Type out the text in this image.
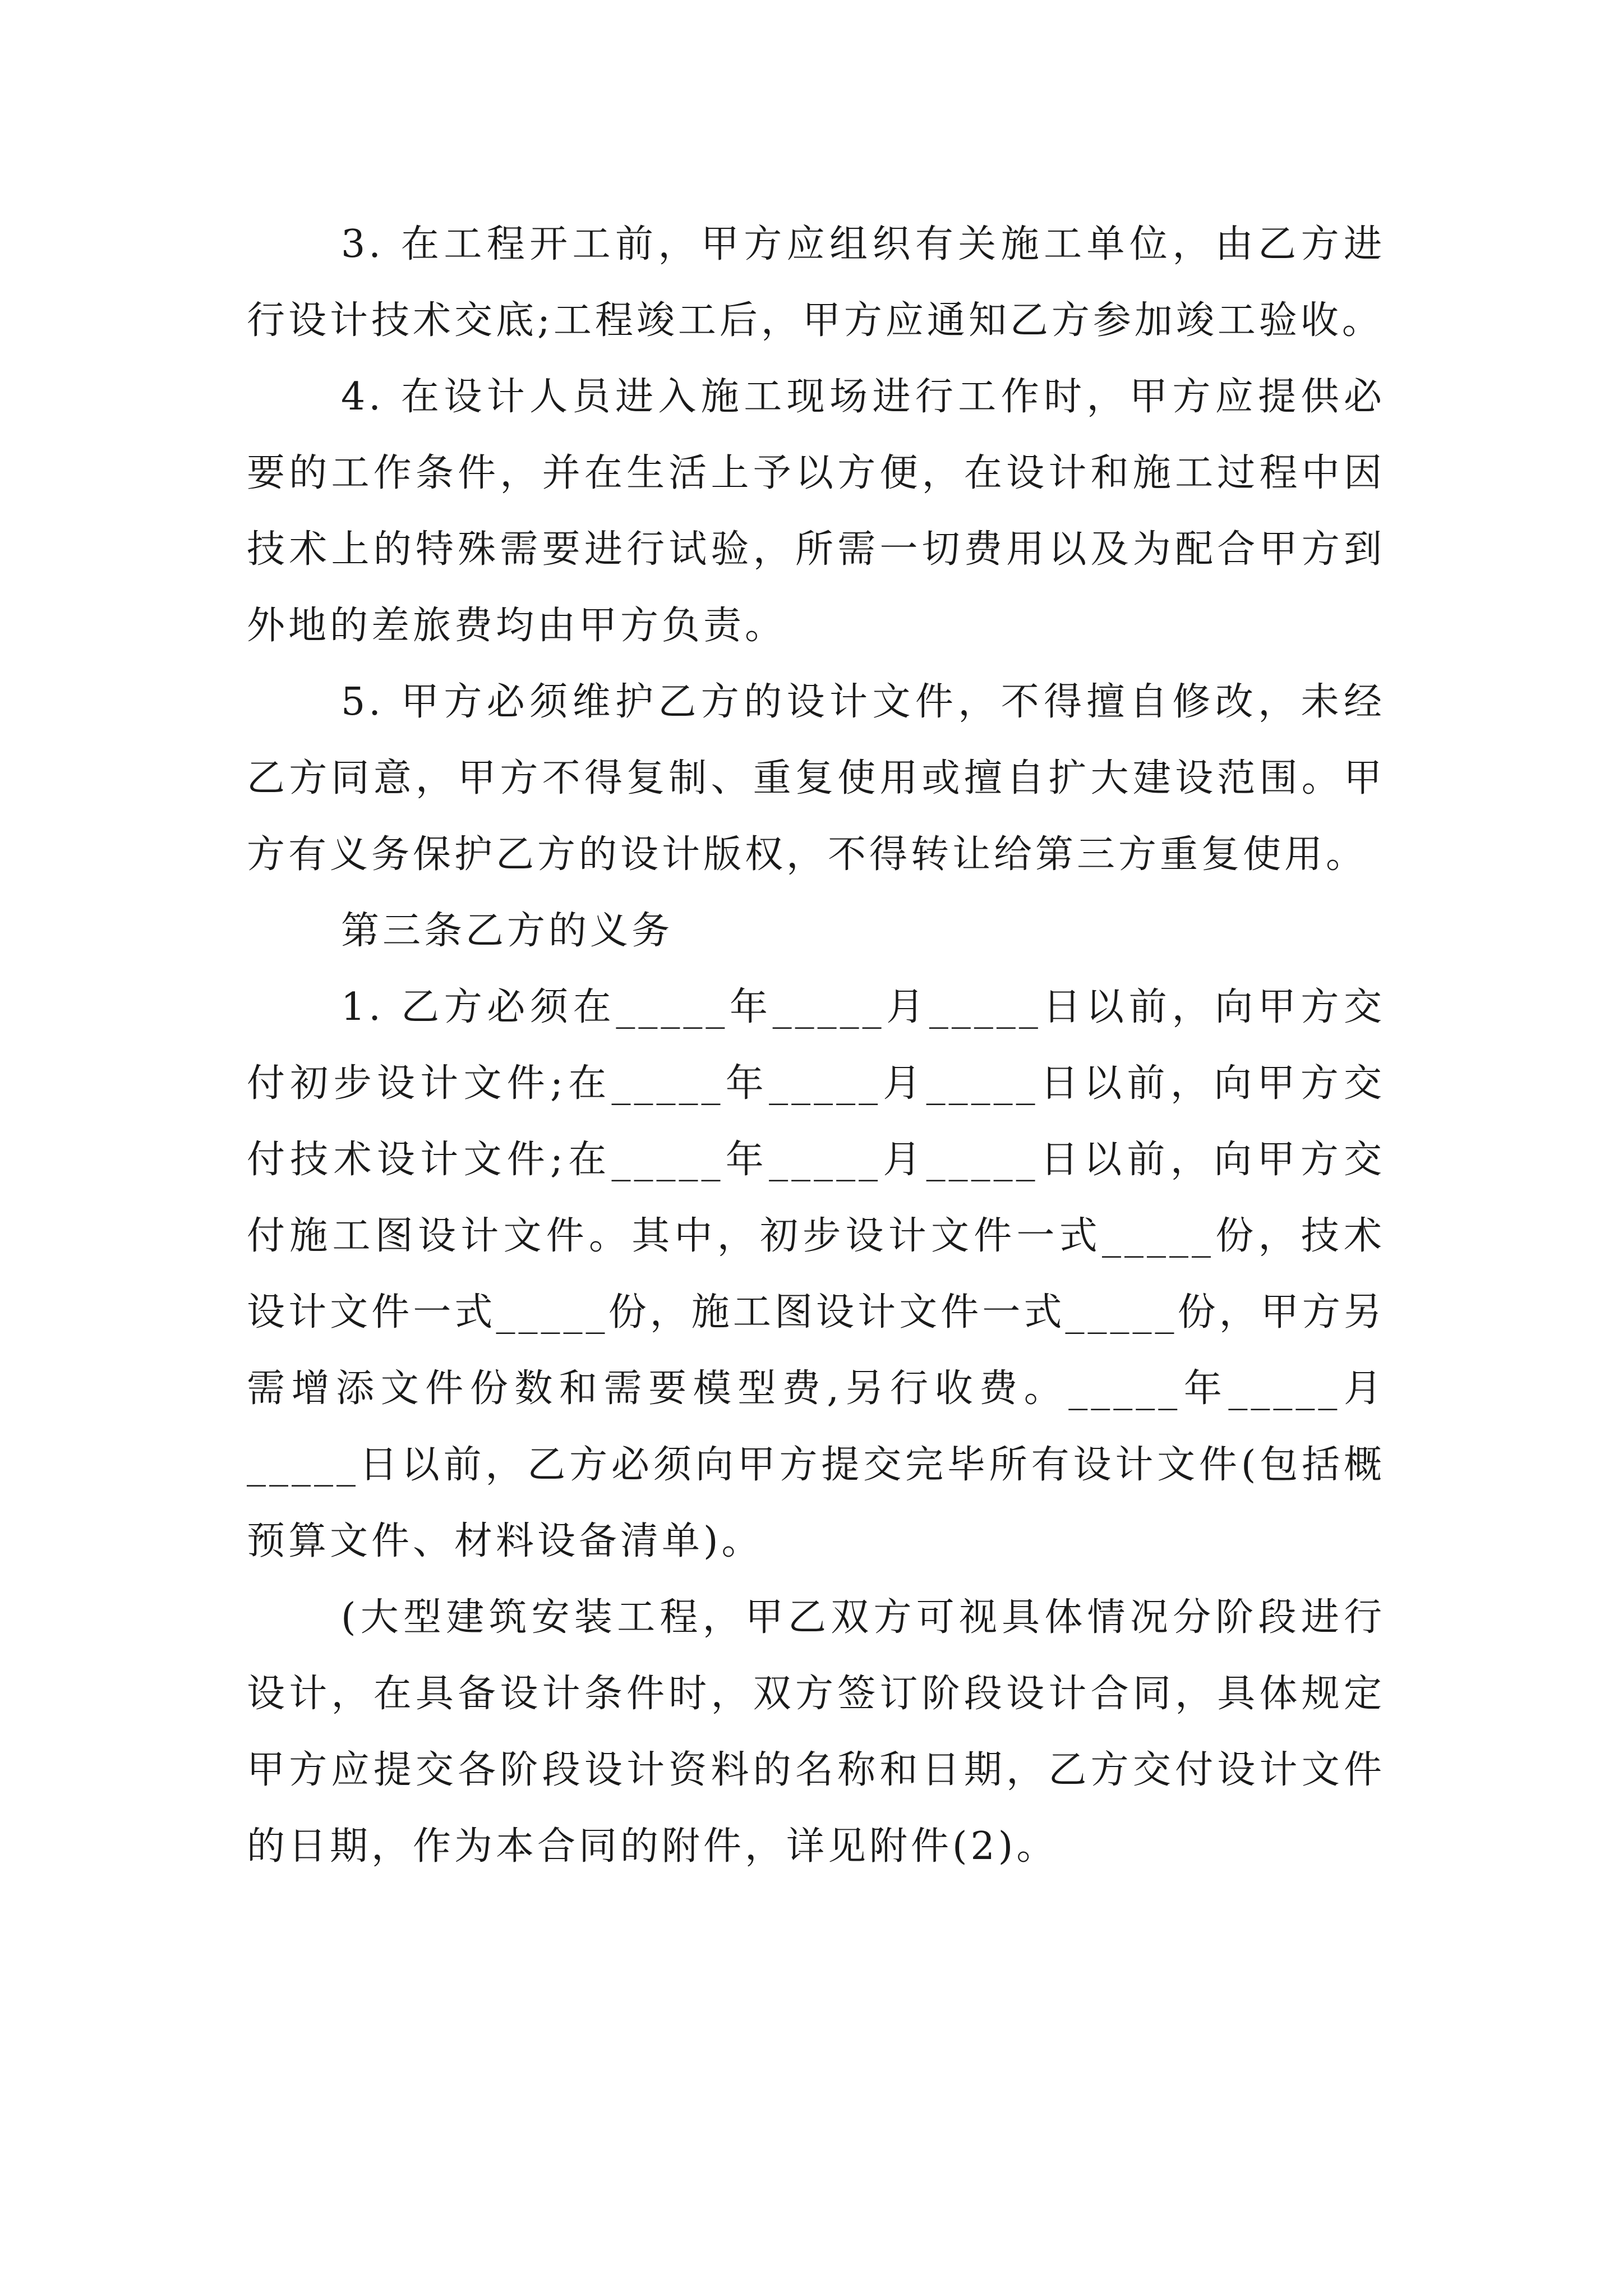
3. 在工程开工前，甲方应组织有关施工单位，由乙方进行设计技术交底;工程竣工后，甲方应通知乙方参加竣工验收。

4. 在设计人员进入施工现场进行工作时，甲方应提供必要的工作条件，并在生活上予以方便，在设计和施工过程中因技术上的特殊需要进行试验，所需一切费用以及为配合甲方到外地的差旅费均由甲方负责。

5. 甲方必须维护乙方的设计文件，不得擅自修改，未经乙方同意，甲方不得复制、重复使用或擅自扩大建设范围。甲方有义务保护乙方的设计版权，不得转让给第三方重复使用。

第三条乙方的义务

1. 乙方必须在_____年_____月_____日以前，向甲方交付初步设计文件;在_____年_____月_____日以前，向甲方交付技术设计文件;在_____年_____月_____日以前，向甲方交付施工图设计文件。其中，初步设计文件一式_____份，技术设计文件一式_____份，施工图设计文件一式_____份，甲方另需增添文件份数和需要模型费,另行收费。_____年_____月_____日以前，乙方必须向甲方提交完毕所有设计文件(包括概预算文件、材料设备清单)。

(大型建筑安装工程，甲乙双方可视具体情况分阶段进行设计，在具备设计条件时，双方签订阶段设计合同，具体规定甲方应提交各阶段设计资料的名称和日期，乙方交付设计文件的日期，作为本合同的附件，详见附件(2)。
